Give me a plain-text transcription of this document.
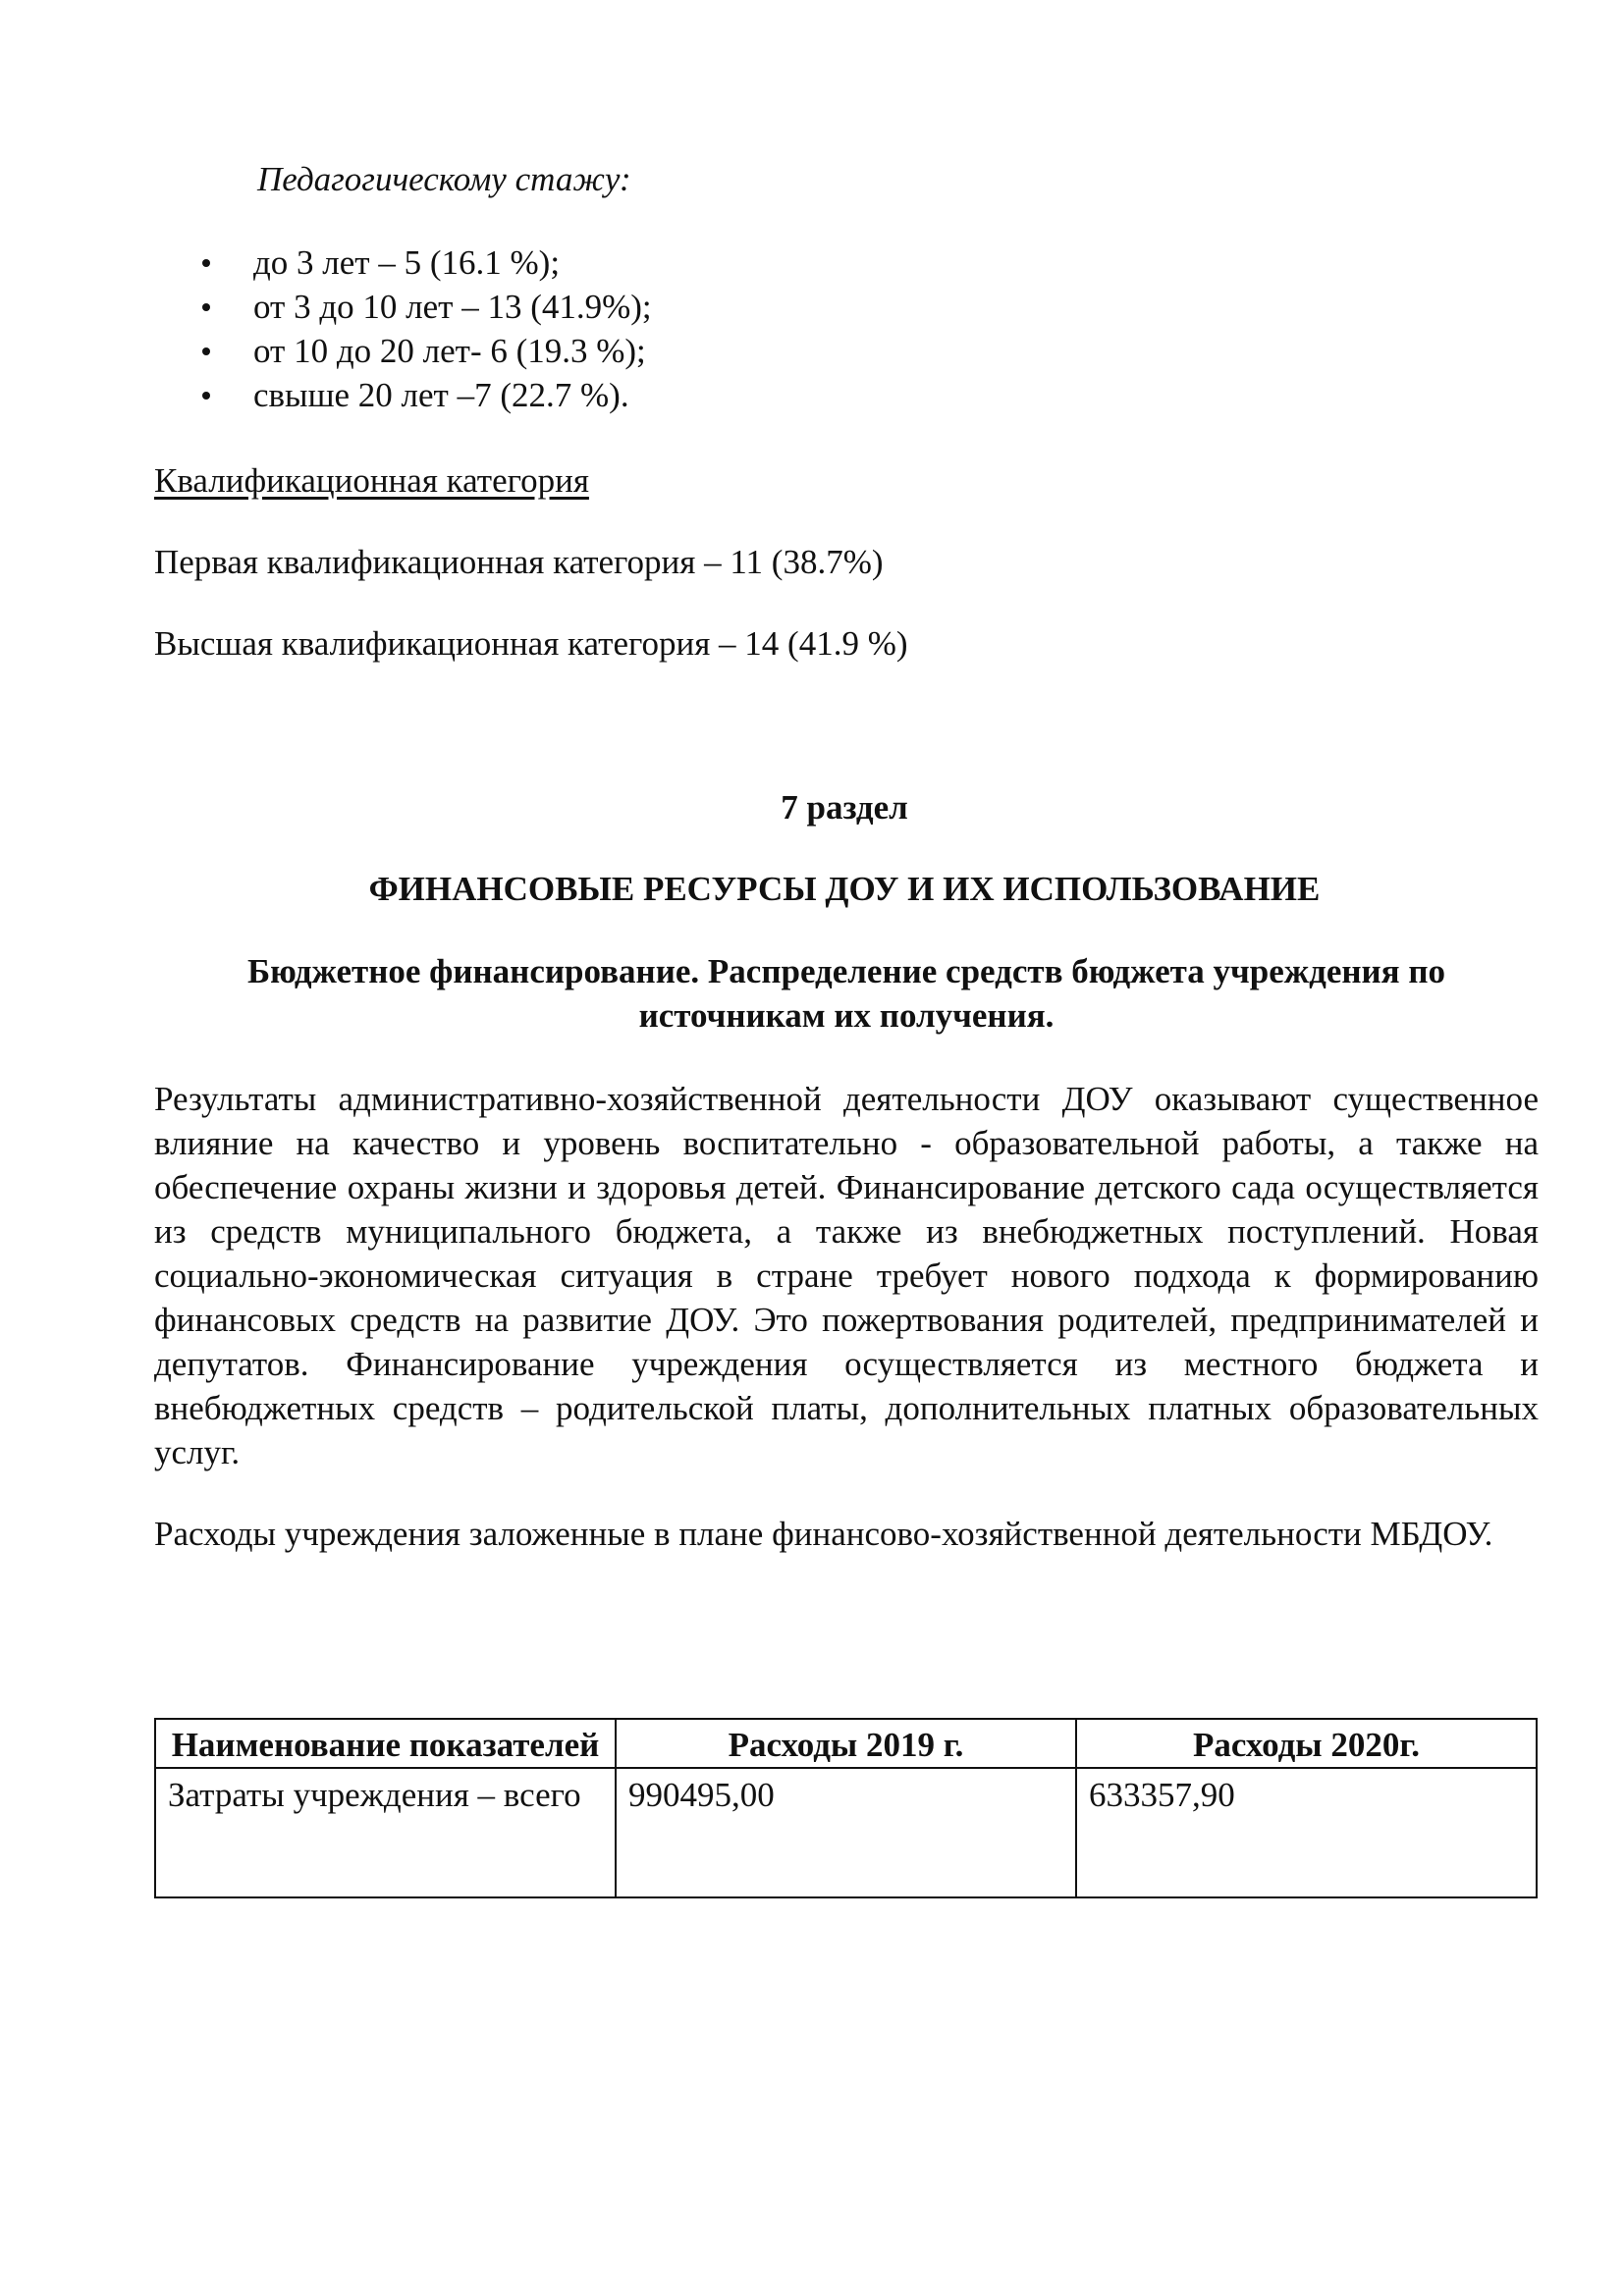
Педагогическому стажу:
до 3 лет – 5 (16.1 %);
от 3 до 10 лет – 13 (41.9%);
от 10 до 20 лет- 6 (19.3 %);
свыше 20 лет –7 (22.7 %).
Квалификационная категория
Первая квалификационная категория – 11 (38.7%)
Высшая квалификационная категория – 14 (41.9 %)
7 раздел
ФИНАНСОВЫЕ РЕСУРСЫ ДОУ И ИХ ИСПОЛЬЗОВАНИЕ
Бюджетное финансирование. Распределение средств бюджета учреждения по источникам их получения.
Результаты административно-хозяйственной деятельности ДОУ оказывают существенное влияние на качество и уровень воспитательно - образовательной работы, а также на обеспечение охраны жизни и здоровья детей. Финансирование детского сада осуществляется из средств муниципального бюджета, а также из внебюджетных поступлений. Новая социально-экономическая ситуация в стране требует нового подхода к формированию финансовых средств на развитие ДОУ. Это пожертвования родителей, предпринимателей и депутатов. Финансирование учреждения осуществляется из местного бюджета и внебюджетных средств – родительской платы, дополнительных платных образовательных услуг.
Расходы учреждения заложенные в плане финансово-хозяйственной деятельности МБДОУ.
Наименование показателей	Расходы 2019 г.	Расходы 2020г.
Затраты учреждения – всего	990495,00	633357,90
